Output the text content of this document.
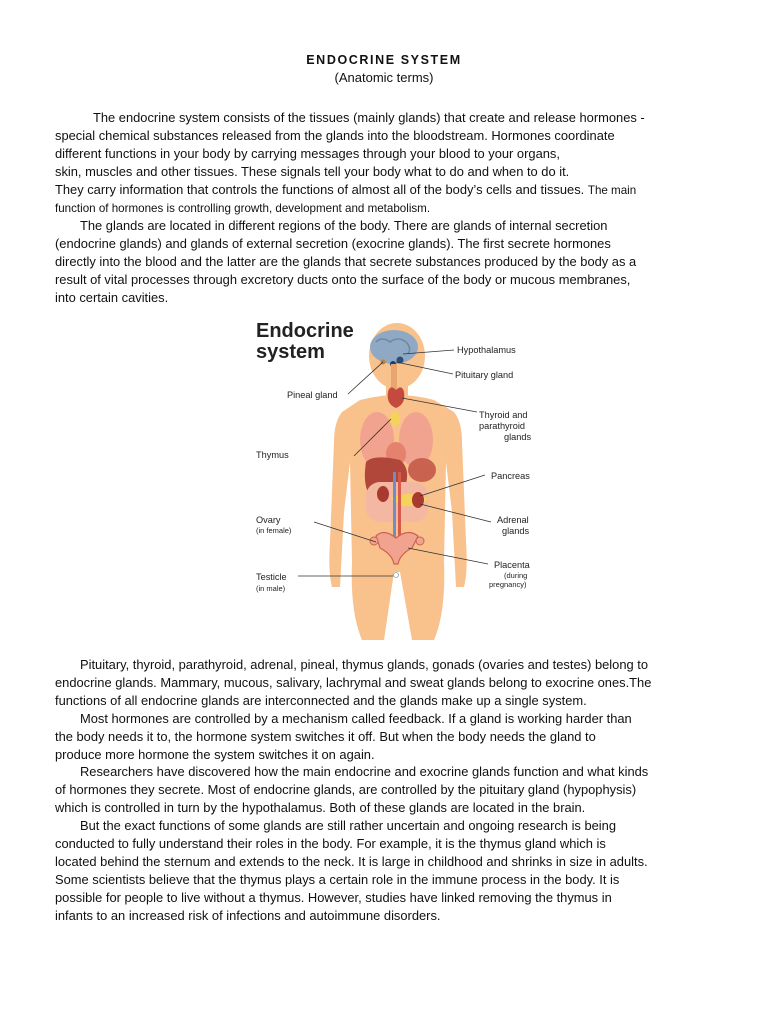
ENDOCRINE SYSTEM
(Anatomic terms)
The endocrine system consists of the tissues (mainly glands) that create and release hormones -
special chemical substances released from the glands into the bloodstream. Hormones coordinate
different functions in your body by carrying messages through your blood to your organs,
skin, muscles and other tissues. These signals tell your body what to do and when to do it.
They carry information that controls the functions of almost all of the body’s cells and tissues. The main
function of hormones is controlling growth, development and metabolism.
The glands are located in different regions of the body. There are glands of internal secretion
(endocrine glands) and glands of external secretion (exocrine glands). The first secrete hormones
directly into the blood and the latter are the glands that secrete substances produced by the body as a
result of vital processes through excretory ducts onto the surface of the body or mucous membranes,
into certain cavities.
Endocrine
system	Hypothalamus
Pituitary gland
Pineal gland
Thyroid and
parathyroid
glands
Thymus
Pancreas
Adrenal
glands
Ovary
(in female)
Placenta
(during
pregnancy)
Testicle
(in male)
Pituitary, thyroid, parathyroid, adrenal, pineal, thymus glands, gonads (ovaries and testes) belong to
endocrine glands. Mammary, mucous, salivary, lachrymal and sweat glands belong to exocrine ones.The
functions of all endocrine glands are interconnected and the glands make up a single system.
Most hormones are controlled by a mechanism called feedback. If a gland is working harder than
the body needs it to, the hormone system switches it off. But when the body needs the gland to
produce more hormone the system switches it on again.
Researchers have discovered how the main endocrine and exocrine glands function and what kinds
of hormones they secrete. Most of endocrine glands, are controlled by the pituitary gland (hypophysis)
which is controlled in turn by the hypothalamus. Both of these glands are located in the brain.
But the exact functions of some glands are still rather uncertain and ongoing research is being
conducted to fully understand their roles in the body. For example, it is the thymus gland which is
located behind the sternum and extends to the neck. It is large in childhood and shrinks in size in adults.
Some scientists believe that the thymus plays a certain role in the immune process in the body. It is
possible for people to live without a thymus. However, studies have linked removing the thymus in
infants to an increased risk of infections and autoimmune disorders.
